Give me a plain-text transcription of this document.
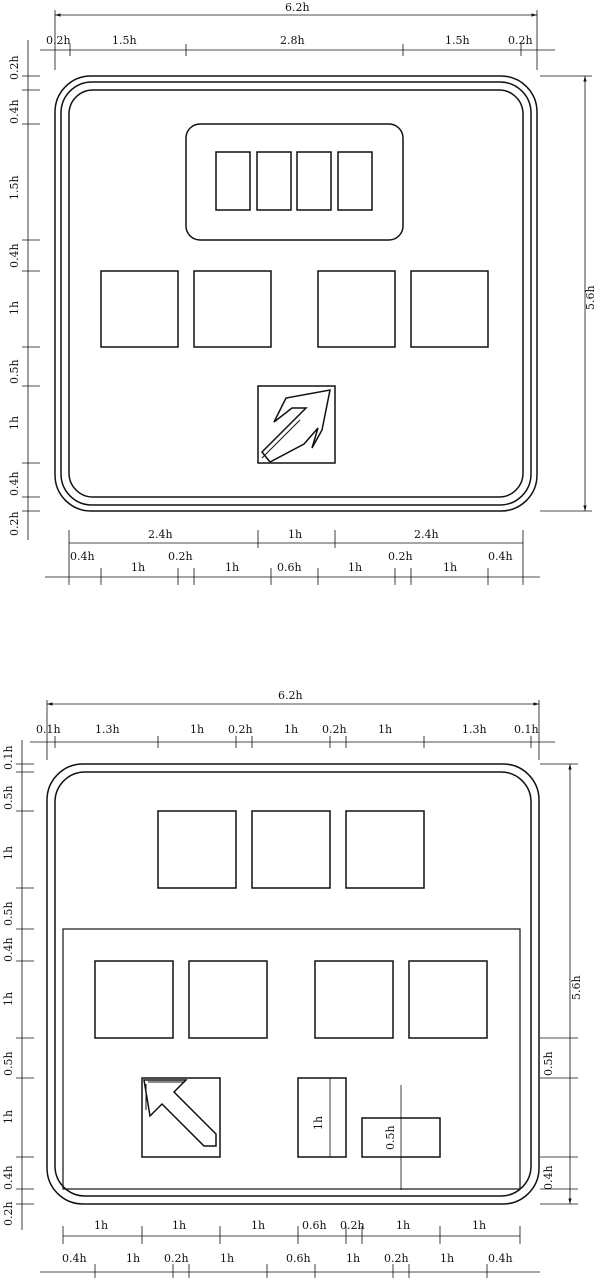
6.2h
0.2h	1.5h	2.8h	1.5h	0.2h
5.6h
0.2h
0.4h
1.5h
0.4h
1h
0.5h
1h
0.4h
0.2h	2.4h	1h	2.4h
0.4h	0.2h	0.2h	0.4h
1h	1h	0.6h	1h	1h
6.2h
0.1h	1.3h	1h 0.2h	1h 0.2h	1h	1.3h 0.1h
5.6h
0.1h
0.5h
1h
0.5h
0.4h
1h
0.5h
1h
0.4h
0.2h
0.5h
0.4h
1h
0.5h
1h	1h	1h	0.6h 0.2h	1h	1h
0.4h	1h 0.2h	1h	0.6h	1h 0.2h	1h	0.4h
